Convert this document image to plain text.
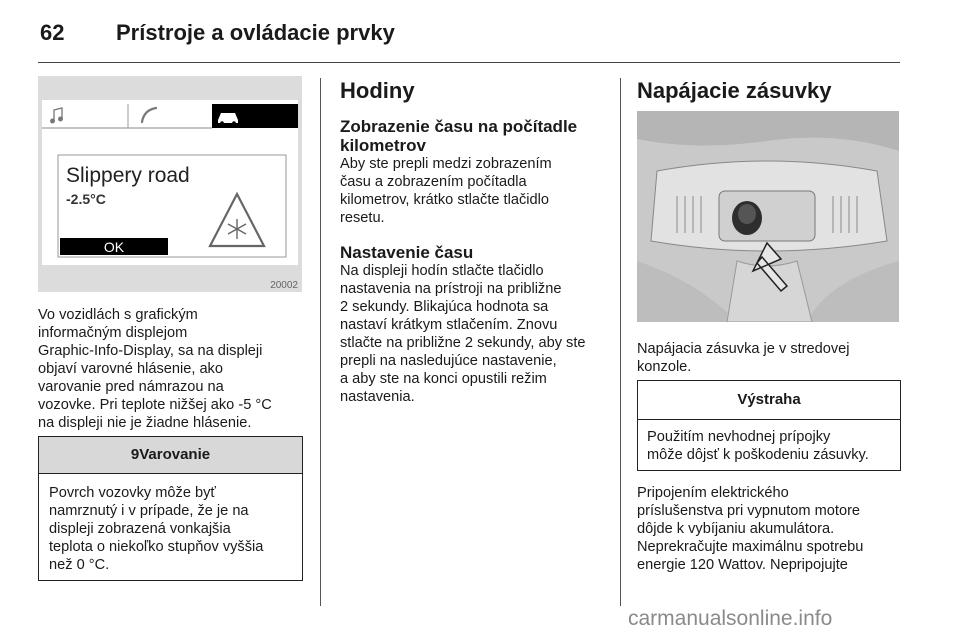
62 Prístroje a ovládacie prvky
Slippery road
-2.5°C
OK
20002
Vo vozidlách s grafickým
informačným displejom
Graphic-Info-Display, sa na displeji
objaví varovné hlásenie, ako
varovanie pred námrazou na
vozovke. Pri teplote nižšej ako -5 °C
na displeji nie je žiadne hlásenie.
9Varovanie
Povrch vozovky môže byť
namrznutý i v prípade, že je na
displeji zobrazená vonkajšia
teplota o niekoľko stupňov vyššia
než 0 °C.
Hodiny
Zobrazenie času na počítadle
kilometrov
Aby ste prepli medzi zobrazením
času a zobrazením počítadla
kilometrov, krátko stlačte tlačidlo
resetu.
Nastavenie času
Na displeji hodín stlačte tlačidlo
nastavenia na prístroji na približne
2 sekundy. Blikajúca hodnota sa
nastaví krátkym stlačením. Znovu
stlačte na približne 2 sekundy, aby ste
prepli na nasledujúce nastavenie,
a aby ste na konci opustili režim
nastavenia.
Napájacie zásuvky
Napájacia zásuvka je v stredovej
konzole.
Výstraha
Použitím nevhodnej prípojky
môže dôjsť k poškodeniu zásuvky.
Pripojením elektrického
príslušenstva pri vypnutom motore
dôjde k vybíjaniu akumulátora.
Neprekračujte maximálnu spotrebu
energie 120 Wattov. Nepripojujte
carmanualsonline.info
